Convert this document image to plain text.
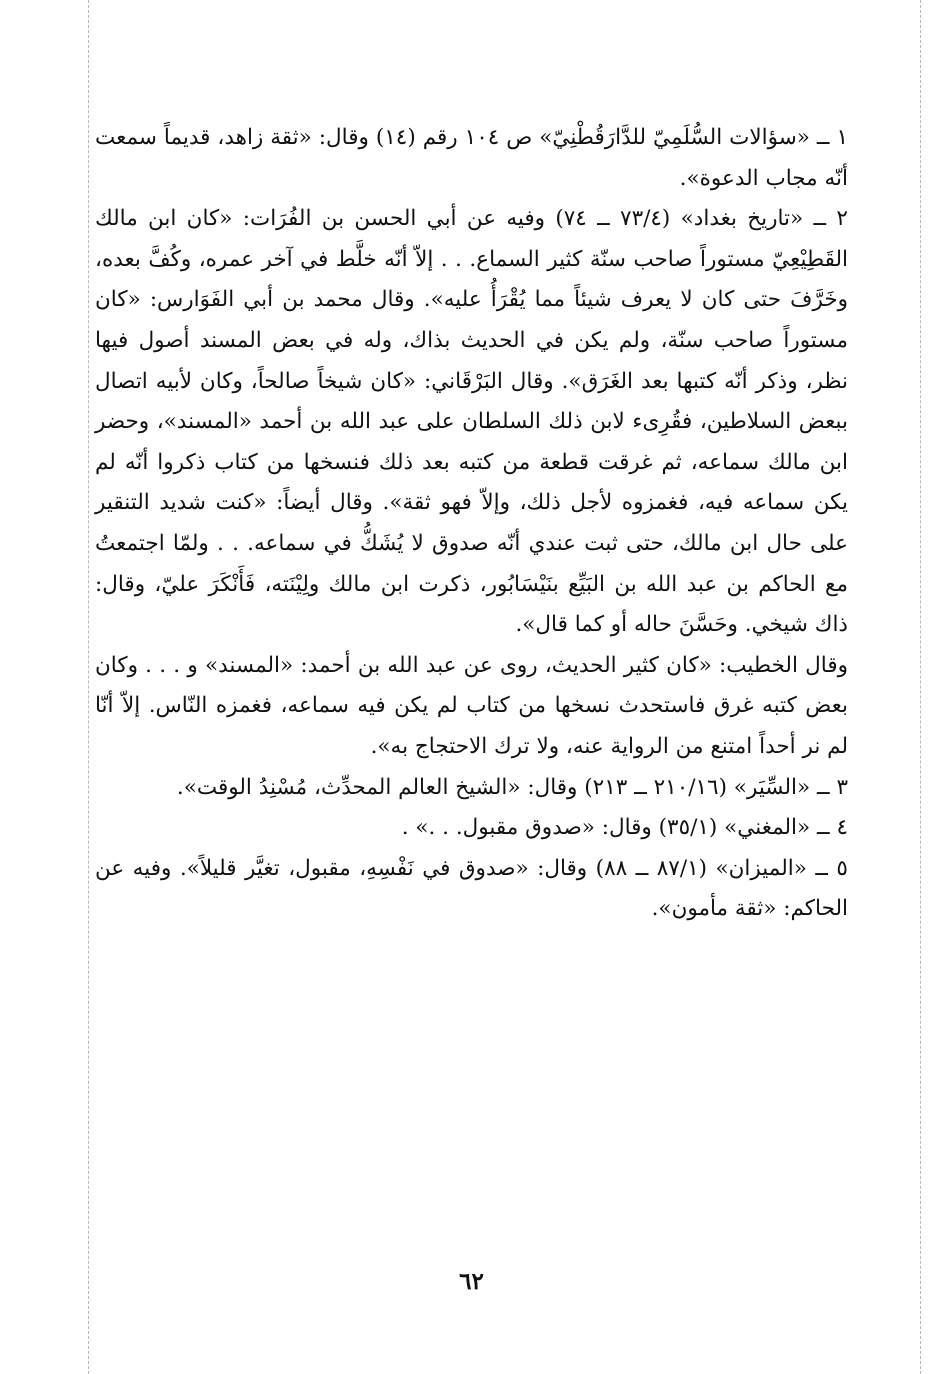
١ ــ «سؤالات السُّلَمِيّ للدَّارَقُطْنِيّ» ص ١٠٤ رقم (١٤) وقال: «ثقة زاهد، قديماً سمعت أنّه مجاب الدعوة».

٢ ــ «تاريخ بغداد» (٧٣/٤ ــ ٧٤) وفيه عن أبي الحسن بن الفُرَات: «كان ابن مالك القَطِيْعِيّ مستوراً صاحب سنّة كثير السماع. . . إلاّ أنّه خلَّط في آخر عمره، وكُفَّ بعده، وخَرَّفَ حتى كان لا يعرف شيئاً مما يُقْرَأُ عليه». وقال محمد بن أبي الفَوَارس: «كان مستوراً صاحب سنّة، ولم يكن في الحديث بذاك، وله في بعض المسند أصول فيها نظر، وذكر أنّه كتبها بعد الغَرَق». وقال البَرْقَاني: «كان شيخاً صالحاً، وكان لأبيه اتصال ببعض السلاطين، فقُرِىء لابن ذلك السلطان على عبد الله بن أحمد «المسند»، وحضر ابن مالك سماعه، ثم غرقت قطعة من كتبه بعد ذلك فنسخها من كتاب ذكروا أنّه لم يكن سماعه فيه، فغمزوه لأجل ذلك، وإلاّ فهو ثقة». وقال أيضاً: «كنت شديد التنقير على حال ابن مالك، حتى ثبت عندي أنّه صدوق لا يُشَكُّ في سماعه. . . ولمّا اجتمعتُ مع الحاكم بن عبد الله بن البَيِّع بنَيْسَابُور، ذكرت ابن مالك ولِيْنَته، فَأَنْكَرَ عليّ، وقال: ذاك شيخي. وحَسَّنَ حاله أو كما قال».

وقال الخطيب: «كان كثير الحديث، روى عن عبد الله بن أحمد: «المسند» و . . . وكان بعض كتبه غرق فاستحدث نسخها من كتاب لم يكن فيه سماعه، فغمزه النّاس. إلاّ أنّا لم نر أحداً امتنع من الرواية عنه، ولا ترك الاحتجاج به».

٣ ــ «السِّيَر» (٢١٠/١٦ ــ ٢١٣) وقال: «الشيخ العالم المحدِّث، مُسْنِدُ الوقت».

٤ ــ «المغني» (٣٥/١) وقال: «صدوق مقبول. . .» .

٥ ــ «الميزان» (٨٧/١ ــ ٨٨) وقال: «صدوق في نَفْسِهِ، مقبول، تغيَّر قليلاً». وفيه عن الحاكم: «ثقة مأمون».

٦٢
